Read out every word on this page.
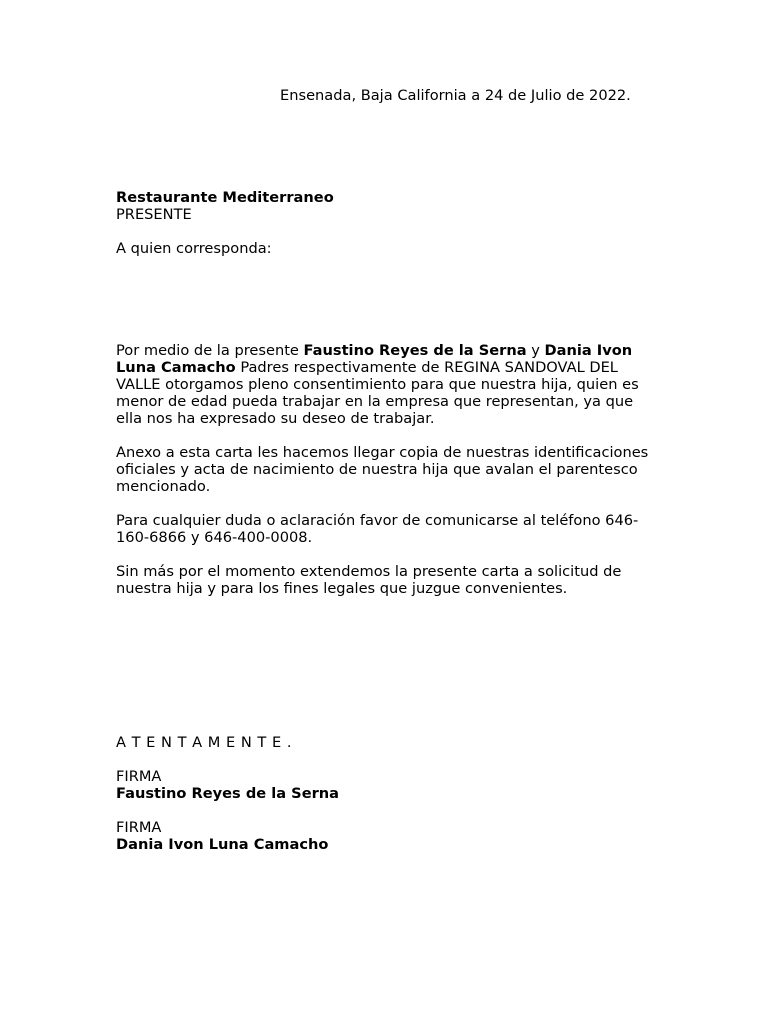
Ensenada, Baja California a 24 de Julio de 2022.
Restaurante Mediterraneo
PRESENTE
A quien corresponda:

Por medio de la presente Faustino Reyes de la Serna y Dania Ivon Luna Camacho Padres respectivamente de REGINA SANDOVAL DEL VALLE otorgamos pleno consentimiento para que nuestra hija, quien es menor de edad pueda trabajar en la empresa que representan, ya que ella nos ha expresado su deseo de trabajar.

Anexo a esta carta les hacemos llegar copia de nuestras identificaciones oficiales y acta de nacimiento de nuestra hija que avalan el parentesco mencionado.

Para cualquier duda o aclaración favor de comunicarse al teléfono 646-160-6866 y 646-400-0008.

Sin más por el momento extendemos la presente carta a solicitud de nuestra hija y para los fines legales que juzgue convenientes.

A T E N T A M E N T E .
FIRMA
Faustino Reyes de la Serna
FIRMA
Dania Ivon Luna Camacho
